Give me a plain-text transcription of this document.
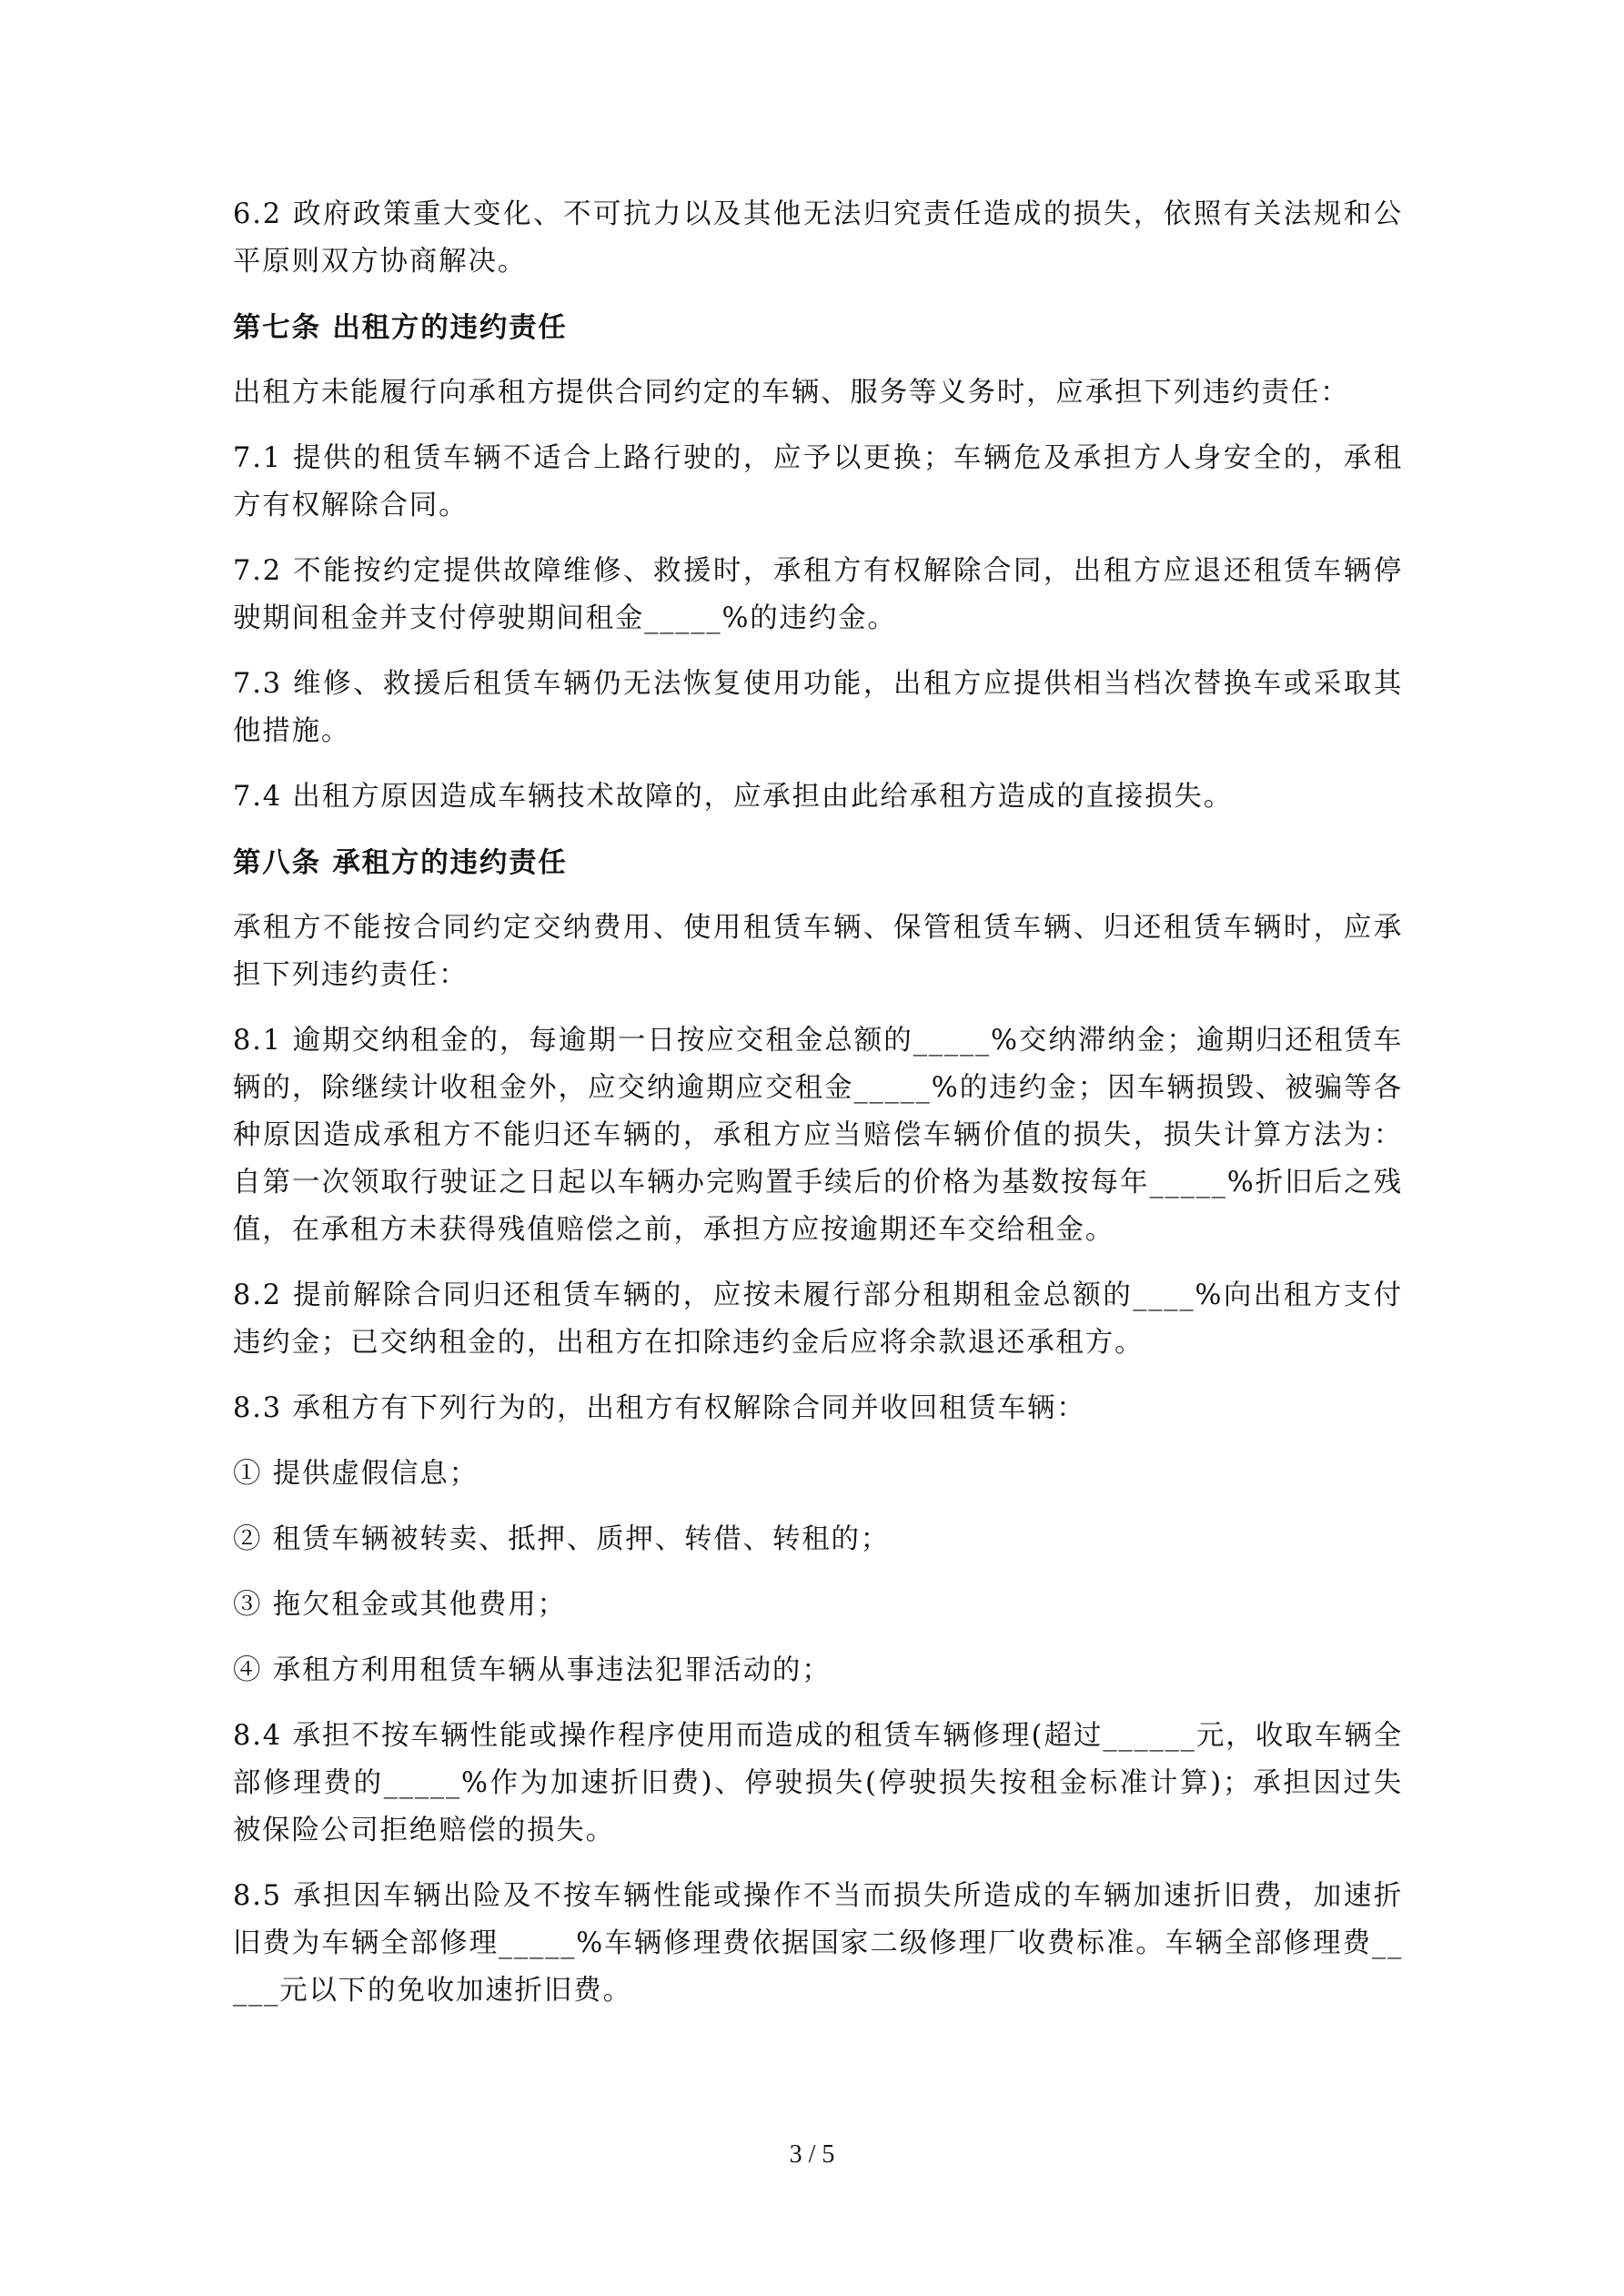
6.2 政府政策重大变化、不可抗力以及其他无法归究责任造成的损失，依照有关法规和公平原则双方协商解决。

第七条 出租方的违约责任

出租方未能履行向承租方提供合同约定的车辆、服务等义务时，应承担下列违约责任：

7.1 提供的租赁车辆不适合上路行驶的，应予以更换；车辆危及承担方人身安全的，承租方有权解除合同。

7.2 不能按约定提供故障维修、救援时，承租方有权解除合同，出租方应退还租赁车辆停驶期间租金并支付停驶期间租金_____%的违约金。

7.3 维修、救援后租赁车辆仍无法恢复使用功能，出租方应提供相当档次替换车或采取其他措施。

7.4 出租方原因造成车辆技术故障的，应承担由此给承租方造成的直接损失。

第八条 承租方的违约责任

承租方不能按合同约定交纳费用、使用租赁车辆、保管租赁车辆、归还租赁车辆时，应承担下列违约责任：

8.1 逾期交纳租金的，每逾期一日按应交租金总额的_____%交纳滞纳金；逾期归还租赁车辆的，除继续计收租金外，应交纳逾期应交租金_____%的违约金；因车辆损毁、被骗等各种原因造成承租方不能归还车辆的，承租方应当赔偿车辆价值的损失，损失计算方法为：自第一次领取行驶证之日起以车辆办完购置手续后的价格为基数按每年_____%折旧后之残值，在承租方未获得残值赔偿之前，承担方应按逾期还车交给租金。

8.2 提前解除合同归还租赁车辆的，应按未履行部分租期租金总额的____%向出租方支付违约金；已交纳租金的，出租方在扣除违约金后应将余款退还承租方。

8.3 承租方有下列行为的，出租方有权解除合同并收回租赁车辆：

① 提供虚假信息；

② 租赁车辆被转卖、抵押、质押、转借、转租的；

③ 拖欠租金或其他费用；

④ 承租方利用租赁车辆从事违法犯罪活动的；

8.4 承担不按车辆性能或操作程序使用而造成的租赁车辆修理(超过______元，收取车辆全部修理费的_____%作为加速折旧费)、停驶损失(停驶损失按租金标准计算)；承担因过失被保险公司拒绝赔偿的损失。

8.5 承担因车辆出险及不按车辆性能或操作不当而损失所造成的车辆加速折旧费，加速折旧费为车辆全部修理_____%车辆修理费依据国家二级修理厂收费标准。车辆全部修理费_____元以下的免收加速折旧费。

3 / 5
